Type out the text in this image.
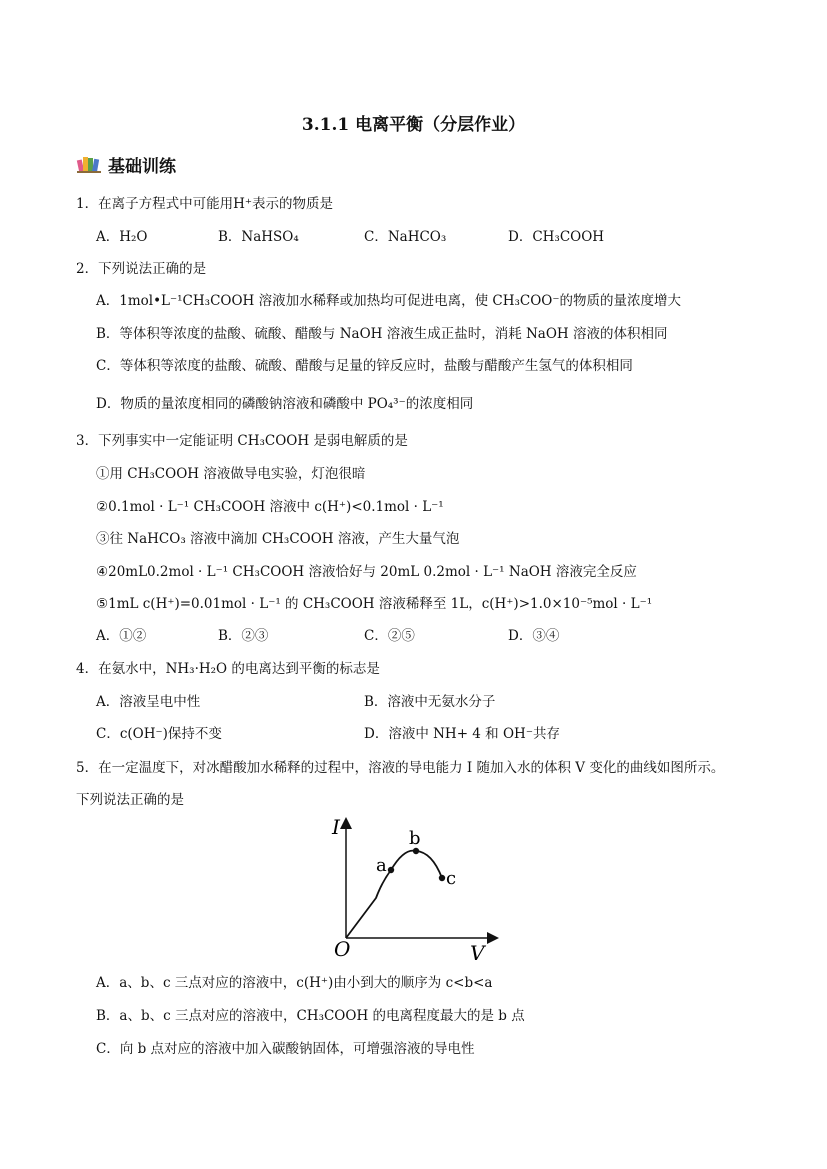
3.1.1 电离平衡（分层作业）
基础训练
1．在离子方程式中可能用H⁺表示的物质是
A．H₂O	B．NaHSO₄	C．NaHCO₃	D．CH₃COOH
2．下列说法正确的是
A．1mol•L⁻¹CH₃COOH 溶液加水稀释或加热均可促进电离，使 CH₃COO⁻的物质的量浓度增大
B．等体积等浓度的盐酸、硫酸、醋酸与 NaOH 溶液生成正盐时，消耗 NaOH 溶液的体积相同
C．等体积等浓度的盐酸、硫酸、醋酸与足量的锌反应时，盐酸与醋酸产生氢气的体积相同
D．物质的量浓度相同的磷酸钠溶液和磷酸中 PO₄³⁻的浓度相同
3．下列事实中一定能证明 CH₃COOH 是弱电解质的是
①用 CH₃COOH 溶液做导电实验，灯泡很暗
②0.1mol · L⁻¹ CH₃COOH 溶液中 c(H⁺)<0.1mol · L⁻¹
③往 NaHCO₃ 溶液中滴加 CH₃COOH 溶液，产生大量气泡
④20mL0.2mol · L⁻¹ CH₃COOH 溶液恰好与 20mL 0.2mol · L⁻¹ NaOH 溶液完全反应
⑤1mL c(H⁺)=0.01mol · L⁻¹ 的 CH₃COOH 溶液稀释至 1L，c(H⁺)>1.0×10⁻⁵mol · L⁻¹
A．①②	B．②③	C．②⑤	D．③④
4．在氨水中，NH₃·H₂O 的电离达到平衡的标志是
A．溶液呈电中性	B．溶液中无氨水分子
C．c(OH⁻)保持不变	D．溶液中 NH+ 4 和 OH⁻共存
5．在一定温度下，对冰醋酸加水稀释的过程中，溶液的导电能力 I 随加入水的体积 V 变化的曲线如图所示。
下列说法正确的是
I
O	V
a
b
c
A．a、b、c 三点对应的溶液中，c(H⁺)由小到大的顺序为 c<b<a
B．a、b、c 三点对应的溶液中，CH₃COOH 的电离程度最大的是 b 点
C．向 b 点对应的溶液中加入碳酸钠固体，可增强溶液的导电性
